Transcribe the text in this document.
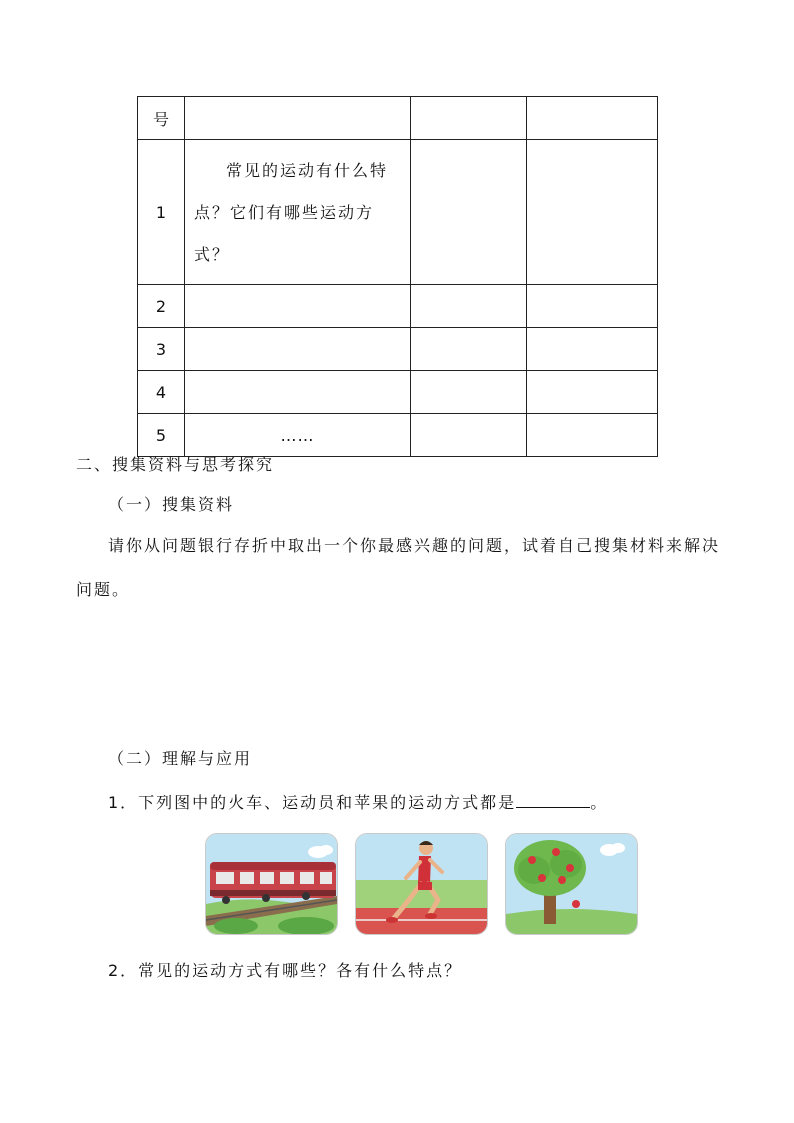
号			
1	常见的运动有什么特点？它们有哪些运动方式？		

2			
3			
4			
5	……		

二、搜集资料与思考探究
（一）搜集资料
请你从问题银行存折中取出一个你最感兴趣的问题，试着自己搜集材料来解决问题。
（二）理解与应用
1．下列图中的火车、运动员和苹果的运动方式都是	。
2．常见的运动方式有哪些？各有什么特点？
